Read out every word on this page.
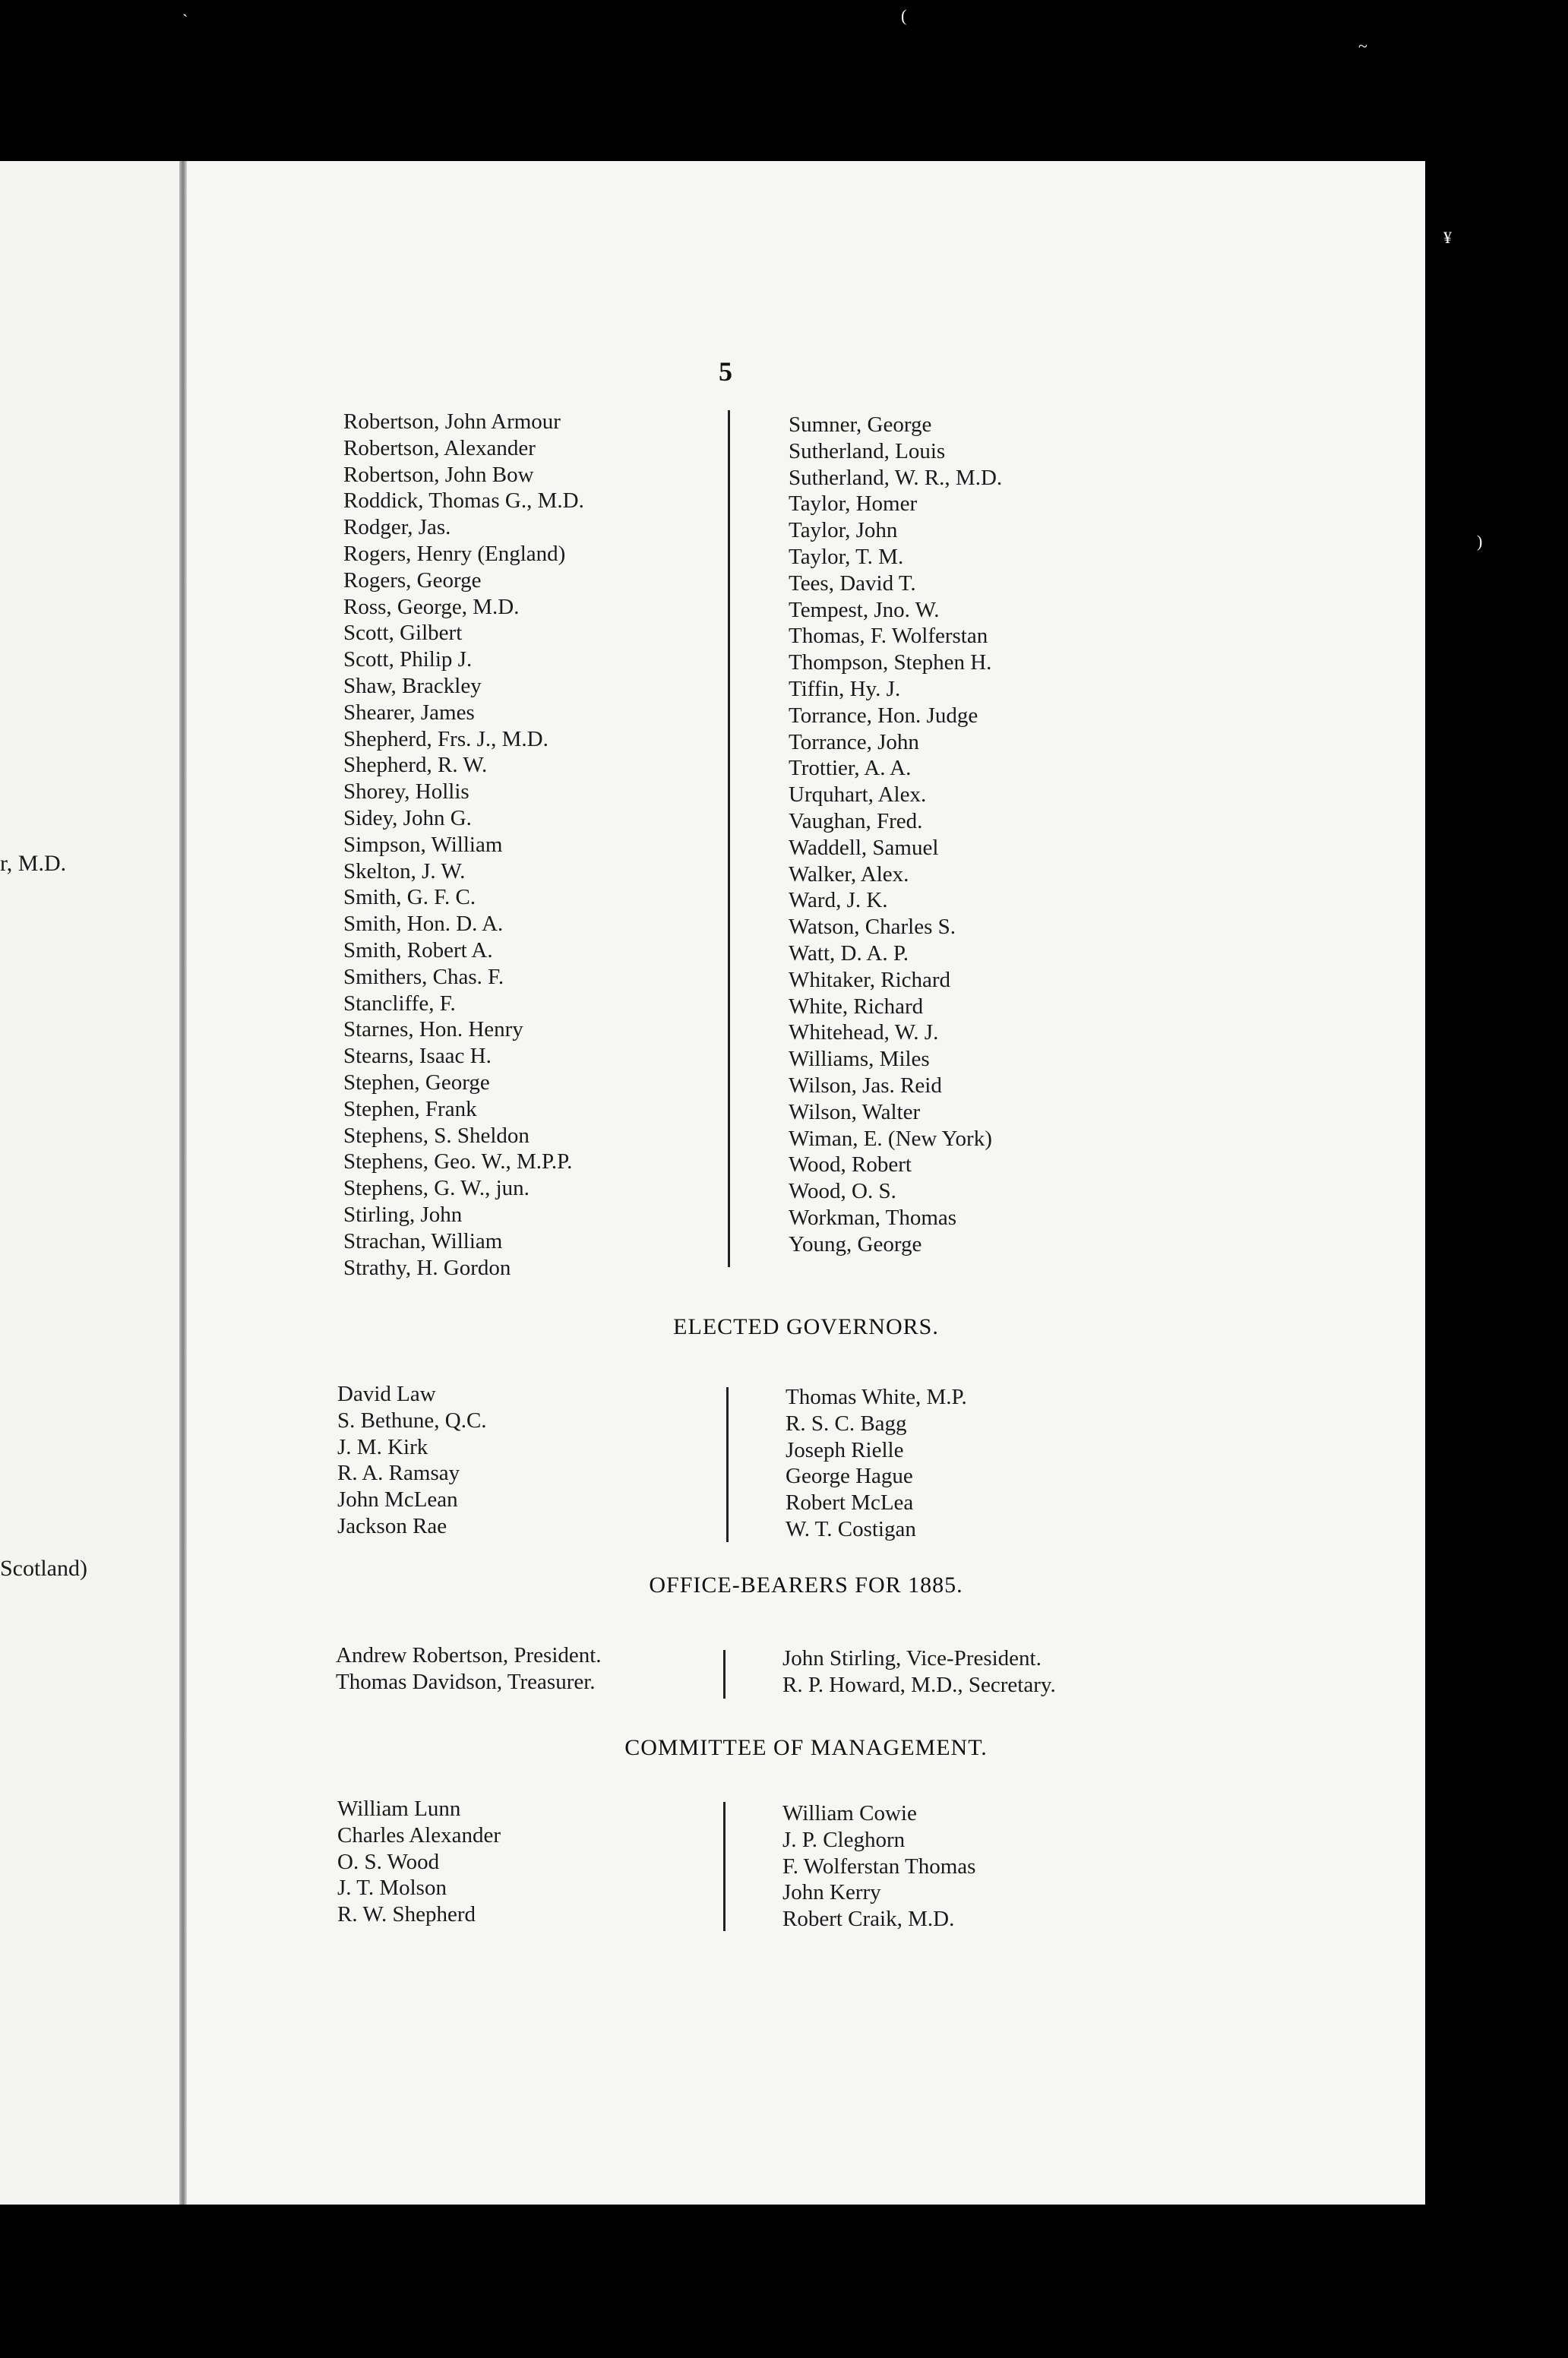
r, M.D.

Scotland)

5
Robertson, John Armour
Robertson, Alexander
Robertson, John Bow
Roddick, Thomas G., M.D.
Rodger, Jas.
Rogers, Henry (England)
Rogers, George
Ross, George, M.D.
Scott, Gilbert
Scott, Philip J.
Shaw, Brackley
Shearer, James
Shepherd, Frs. J., M.D.
Shepherd, R. W.
Shorey, Hollis
Sidey, John G.
Simpson, William
Skelton, J. W.
Smith, G. F. C.
Smith, Hon. D. A.
Smith, Robert A.
Smithers, Chas. F.
Stancliffe, F.
Starnes, Hon. Henry
Stearns, Isaac H.
Stephen, George
Stephen, Frank
Stephens, S. Sheldon
Stephens, Geo. W., M.P.P.
Stephens, G. W., jun.
Stirling, John
Strachan, William
Strathy, H. Gordon
Sumner, George
Sutherland, Louis
Sutherland, W. R., M.D.
Taylor, Homer
Taylor, John
Taylor, T. M.
Tees, David T.
Tempest, Jno. W.
Thomas, F. Wolferstan
Thompson, Stephen H.
Tiffin, Hy. J.
Torrance, Hon. Judge
Torrance, John
Trottier, A. A.
Urquhart, Alex.
Vaughan, Fred.
Waddell, Samuel
Walker, Alex.
Ward, J. K.
Watson, Charles S.
Watt, D. A. P.
Whitaker, Richard
White, Richard
Whitehead, W. J.
Williams, Miles
Wilson, Jas. Reid
Wilson, Walter
Wiman, E. (New York)
Wood, Robert
Wood, O. S.
Workman, Thomas
Young, George
ELECTED GOVERNORS.
David Law
S. Bethune, Q.C.
J. M. Kirk
R. A. Ramsay
John McLean
Jackson Rae
Thomas White, M.P.
R. S. C. Bagg
Joseph Rielle
George Hague
Robert McLea
W. T. Costigan
OFFICE-BEARERS FOR 1885.
Andrew Robertson, President.
Thomas Davidson, Treasurer.
John Stirling, Vice-President.
R. P. Howard, M.D., Secretary.
COMMITTEE OF MANAGEMENT.
William Lunn
Charles Alexander
O. S. Wood
J. T. Molson
R. W. Shepherd
William Cowie
J. P. Cleghorn
F. Wolferstan Thomas
John Kerry
Robert Craik, M.D.
ˋ	(
~
¥
)
